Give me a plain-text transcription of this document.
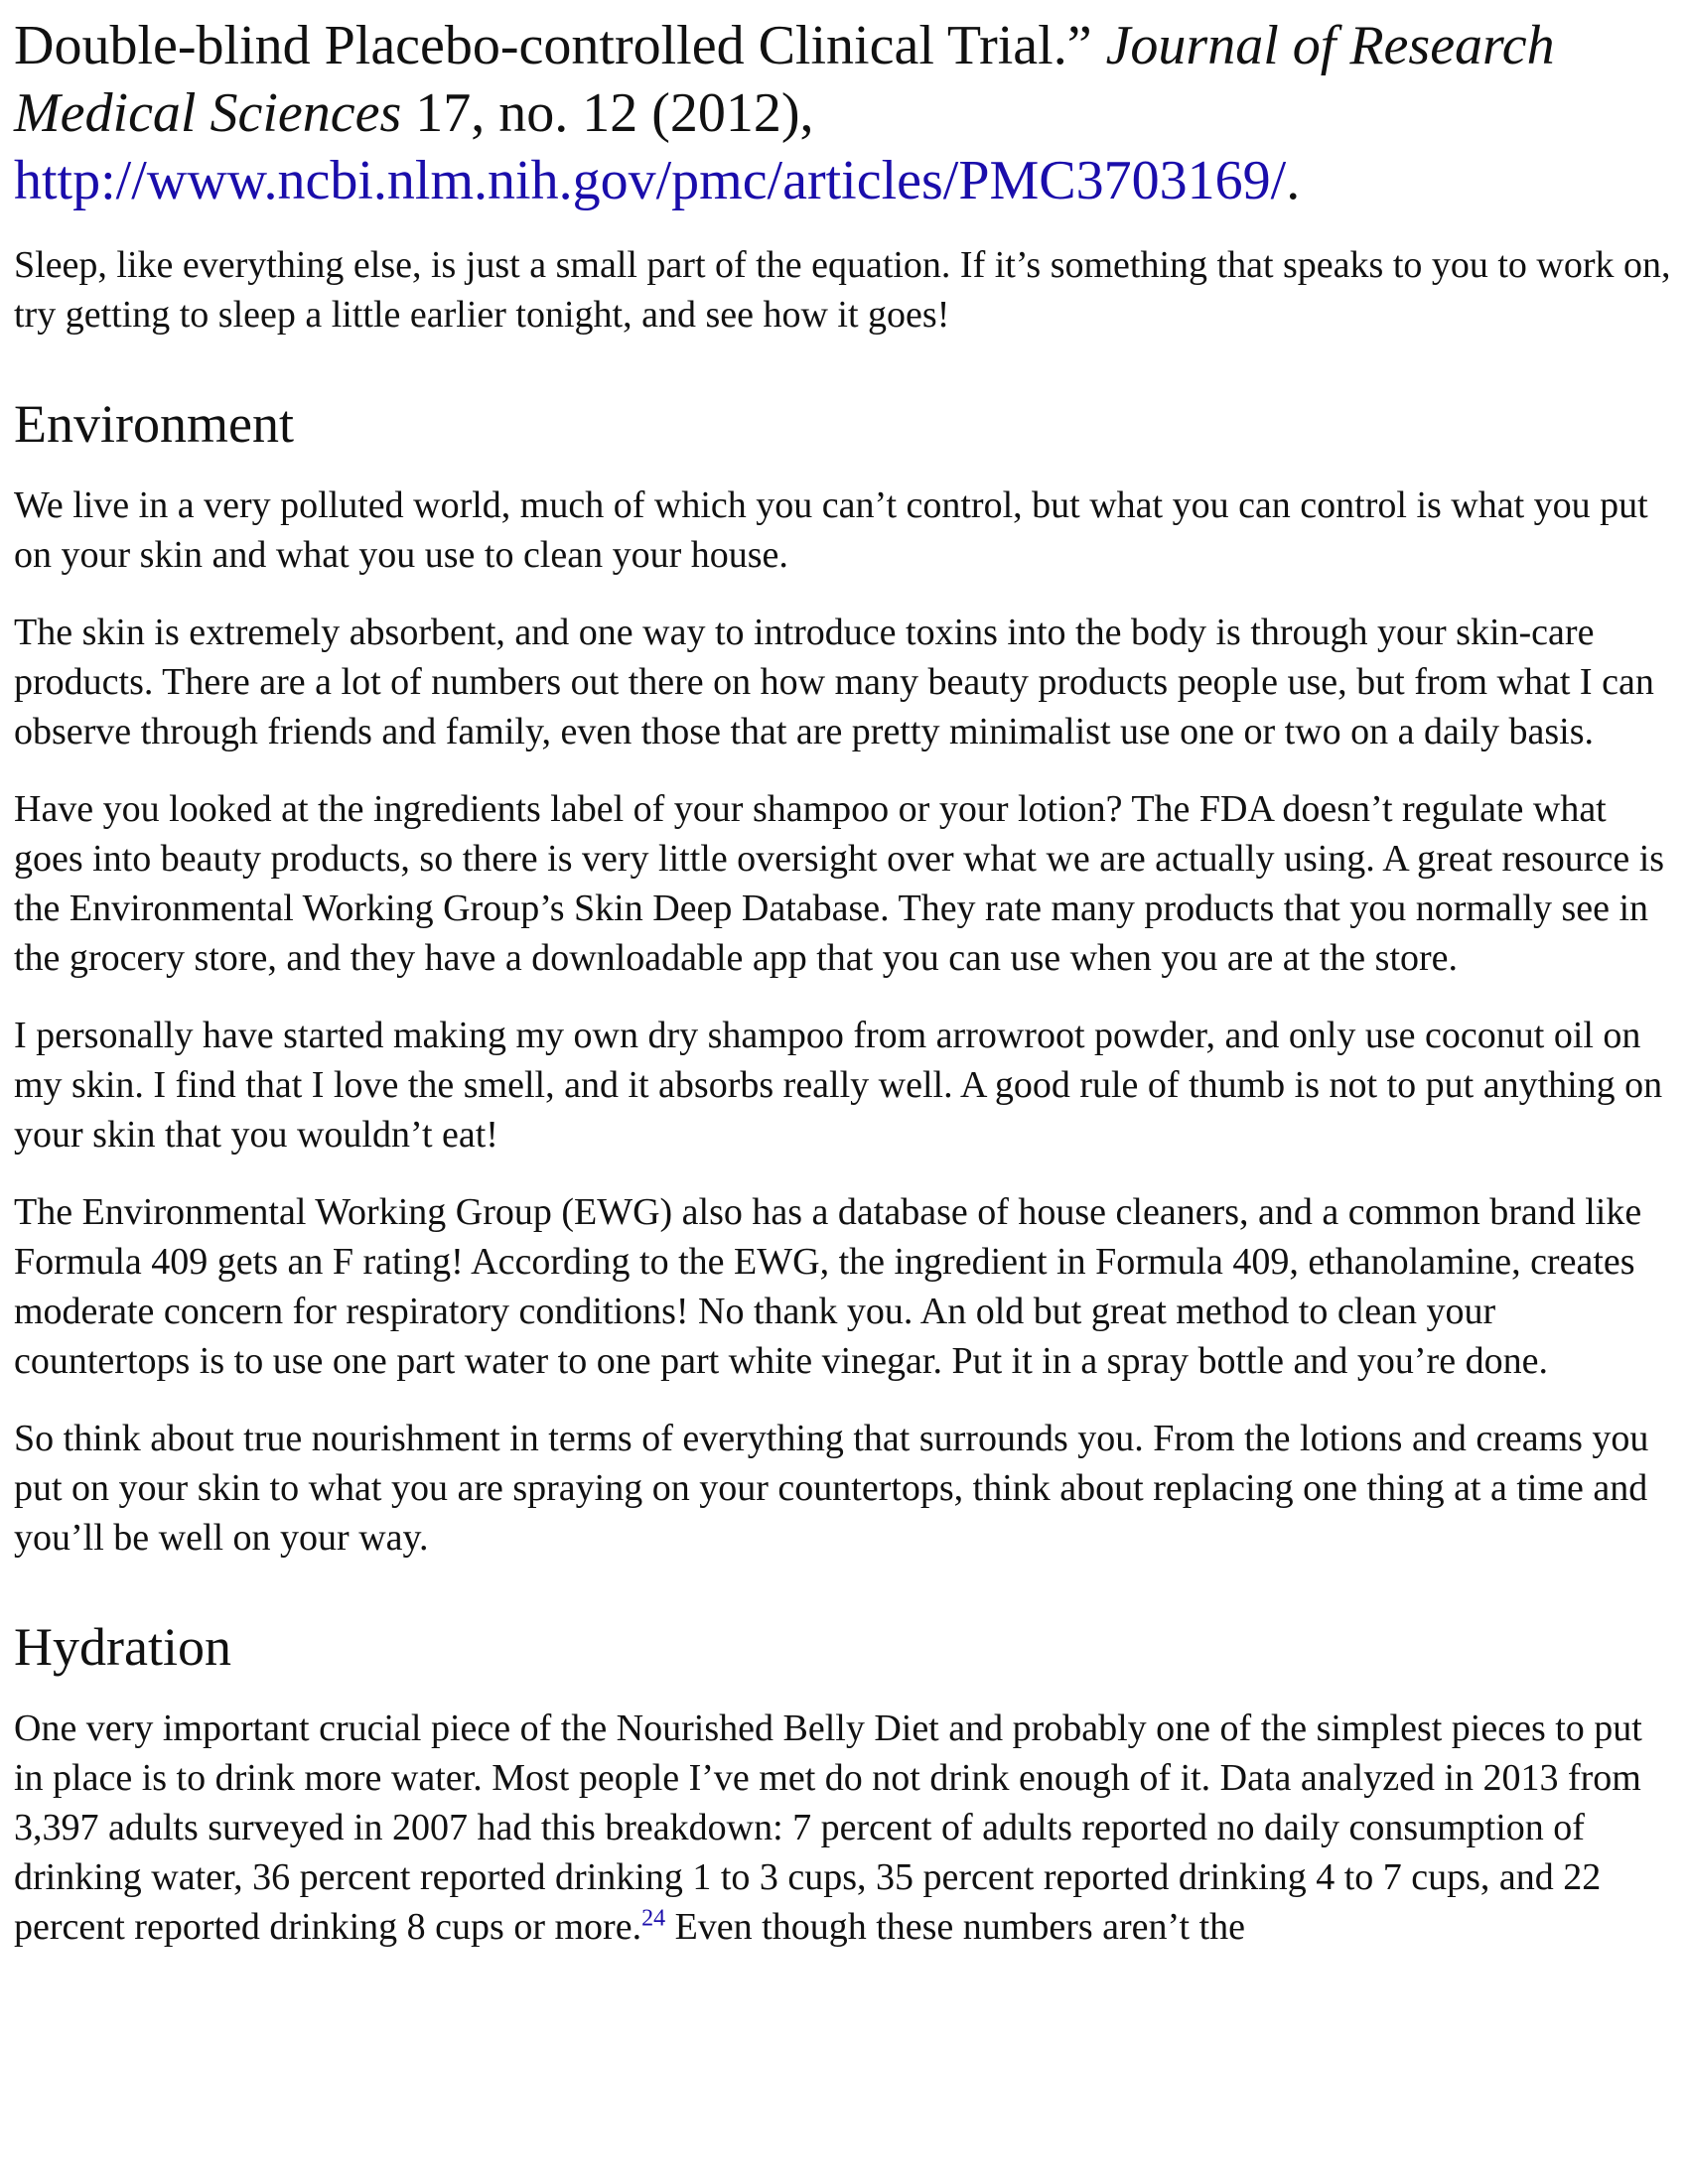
Double-blind Placebo-controlled Clinical Trial.” Journal of Research Medical Sciences 17, no. 12 (2012), http://www.ncbi.nlm.nih.gov/pmc/articles/PMC3703169/.

Sleep, like everything else, is just a small part of the equation. If it’s something that speaks to you to work on, try getting to sleep a little earlier tonight, and see how it goes!

Environment

We live in a very polluted world, much of which you can’t control, but what you can control is what you put on your skin and what you use to clean your house.

The skin is extremely absorbent, and one way to introduce toxins into the body is through your skin-care products. There are a lot of numbers out there on how many beauty products people use, but from what I can observe through friends and family, even those that are pretty minimalist use one or two on a daily basis.

Have you looked at the ingredients label of your shampoo or your lotion? The FDA doesn’t regulate what goes into beauty products, so there is very little oversight over what we are actually using. A great resource is the Environmental Working Group’s Skin Deep Database. They rate many products that you normally see in the grocery store, and they have a downloadable app that you can use when you are at the store.

I personally have started making my own dry shampoo from arrowroot powder, and only use coconut oil on my skin. I find that I love the smell, and it absorbs really well. A good rule of thumb is not to put anything on your skin that you wouldn’t eat!

The Environmental Working Group (EWG) also has a database of house cleaners, and a common brand like Formula 409 gets an F rating! According to the EWG, the ingredient in Formula 409, ethanolamine, creates moderate concern for respiratory conditions! No thank you. An old but great method to clean your countertops is to use one part water to one part white vinegar. Put it in a spray bottle and you’re done.

So think about true nourishment in terms of everything that surrounds you. From the lotions and creams you put on your skin to what you are spraying on your countertops, think about replacing one thing at a time and you’ll be well on your way.

Hydration

One very important crucial piece of the Nourished Belly Diet and probably one of the simplest pieces to put in place is to drink more water. Most people I’ve met do not drink enough of it. Data analyzed in 2013 from 3,397 adults surveyed in 2007 had this breakdown: 7 percent of adults reported no daily consumption of drinking water, 36 percent reported drinking 1 to 3 cups, 35 percent reported drinking 4 to 7 cups, and 22 percent reported drinking 8 cups or more.$^{24}$ Even though these numbers aren’t the
